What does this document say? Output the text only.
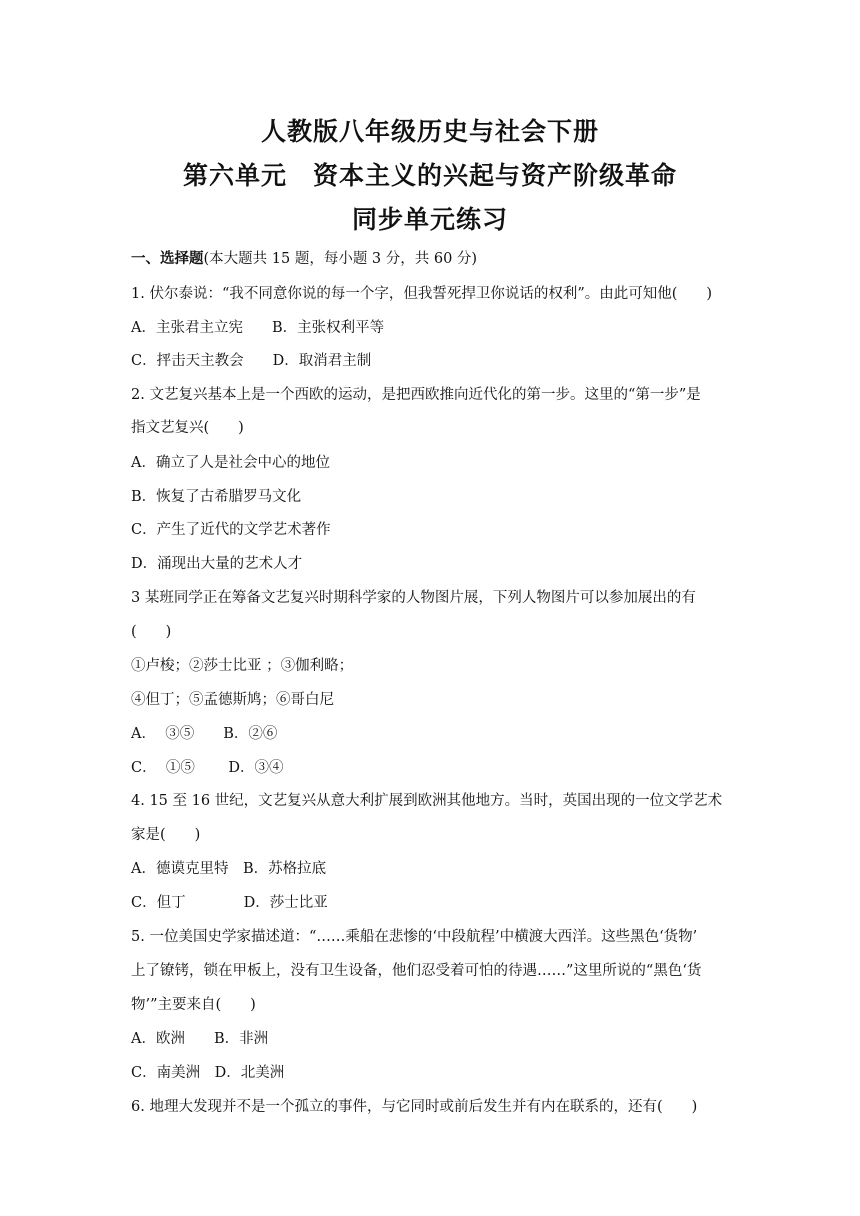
人教版八年级历史与社会下册
第六单元　资本主义的兴起与资产阶级革命
同步单元练习

一、选择题(本大题共 15 题，每小题 3 分，共 60 分)

1. 伏尔泰说：“我不同意你说的每一个字，但我誓死捍卫你说话的权利”。由此可知他(　　)

A．主张君主立宪　　B．主张权利平等

C．抨击天主教会　　D．取消君主制

2. 文艺复兴基本上是一个西欧的运动，是把西欧推向近代化的第一步。这里的“第一步”是

指文艺复兴(　　)

A．确立了人是社会中心的地位

B．恢复了古希腊罗马文化

C．产生了近代的文学艺术著作

D．涌现出大量的艺术人才

3 某班同学正在筹备文艺复兴时期科学家的人物图片展，下列人物图片可以参加展出的有

(　　)

①卢梭；②莎士比亚 ；③伽利略；

④但丁；⑤孟德斯鸠；⑥哥白尼

A．  ③⑤　　B．②⑥

C．  ①⑤　　 D．③④

4. 15 至 16 世纪，文艺复兴从意大利扩展到欧洲其他地方。当时，英国出现的一位文学艺术

家是(　　)

A．德谟克里特　B．苏格拉底

C．但丁　　　　D．莎士比亚

5. 一位美国史学家描述道：“……乘船在悲惨的‘中段航程’中横渡大西洋。这些黑色‘货物’

上了镣铐，锁在甲板上，没有卫生设备，他们忍受着可怕的待遇……”这里所说的“黑色‘货

物’”主要来自(　　)

A．欧洲　　B．非洲

C．南美洲　D．北美洲

6. 地理大发现并不是一个孤立的事件，与它同时或前后发生并有内在联系的，还有(　　)
